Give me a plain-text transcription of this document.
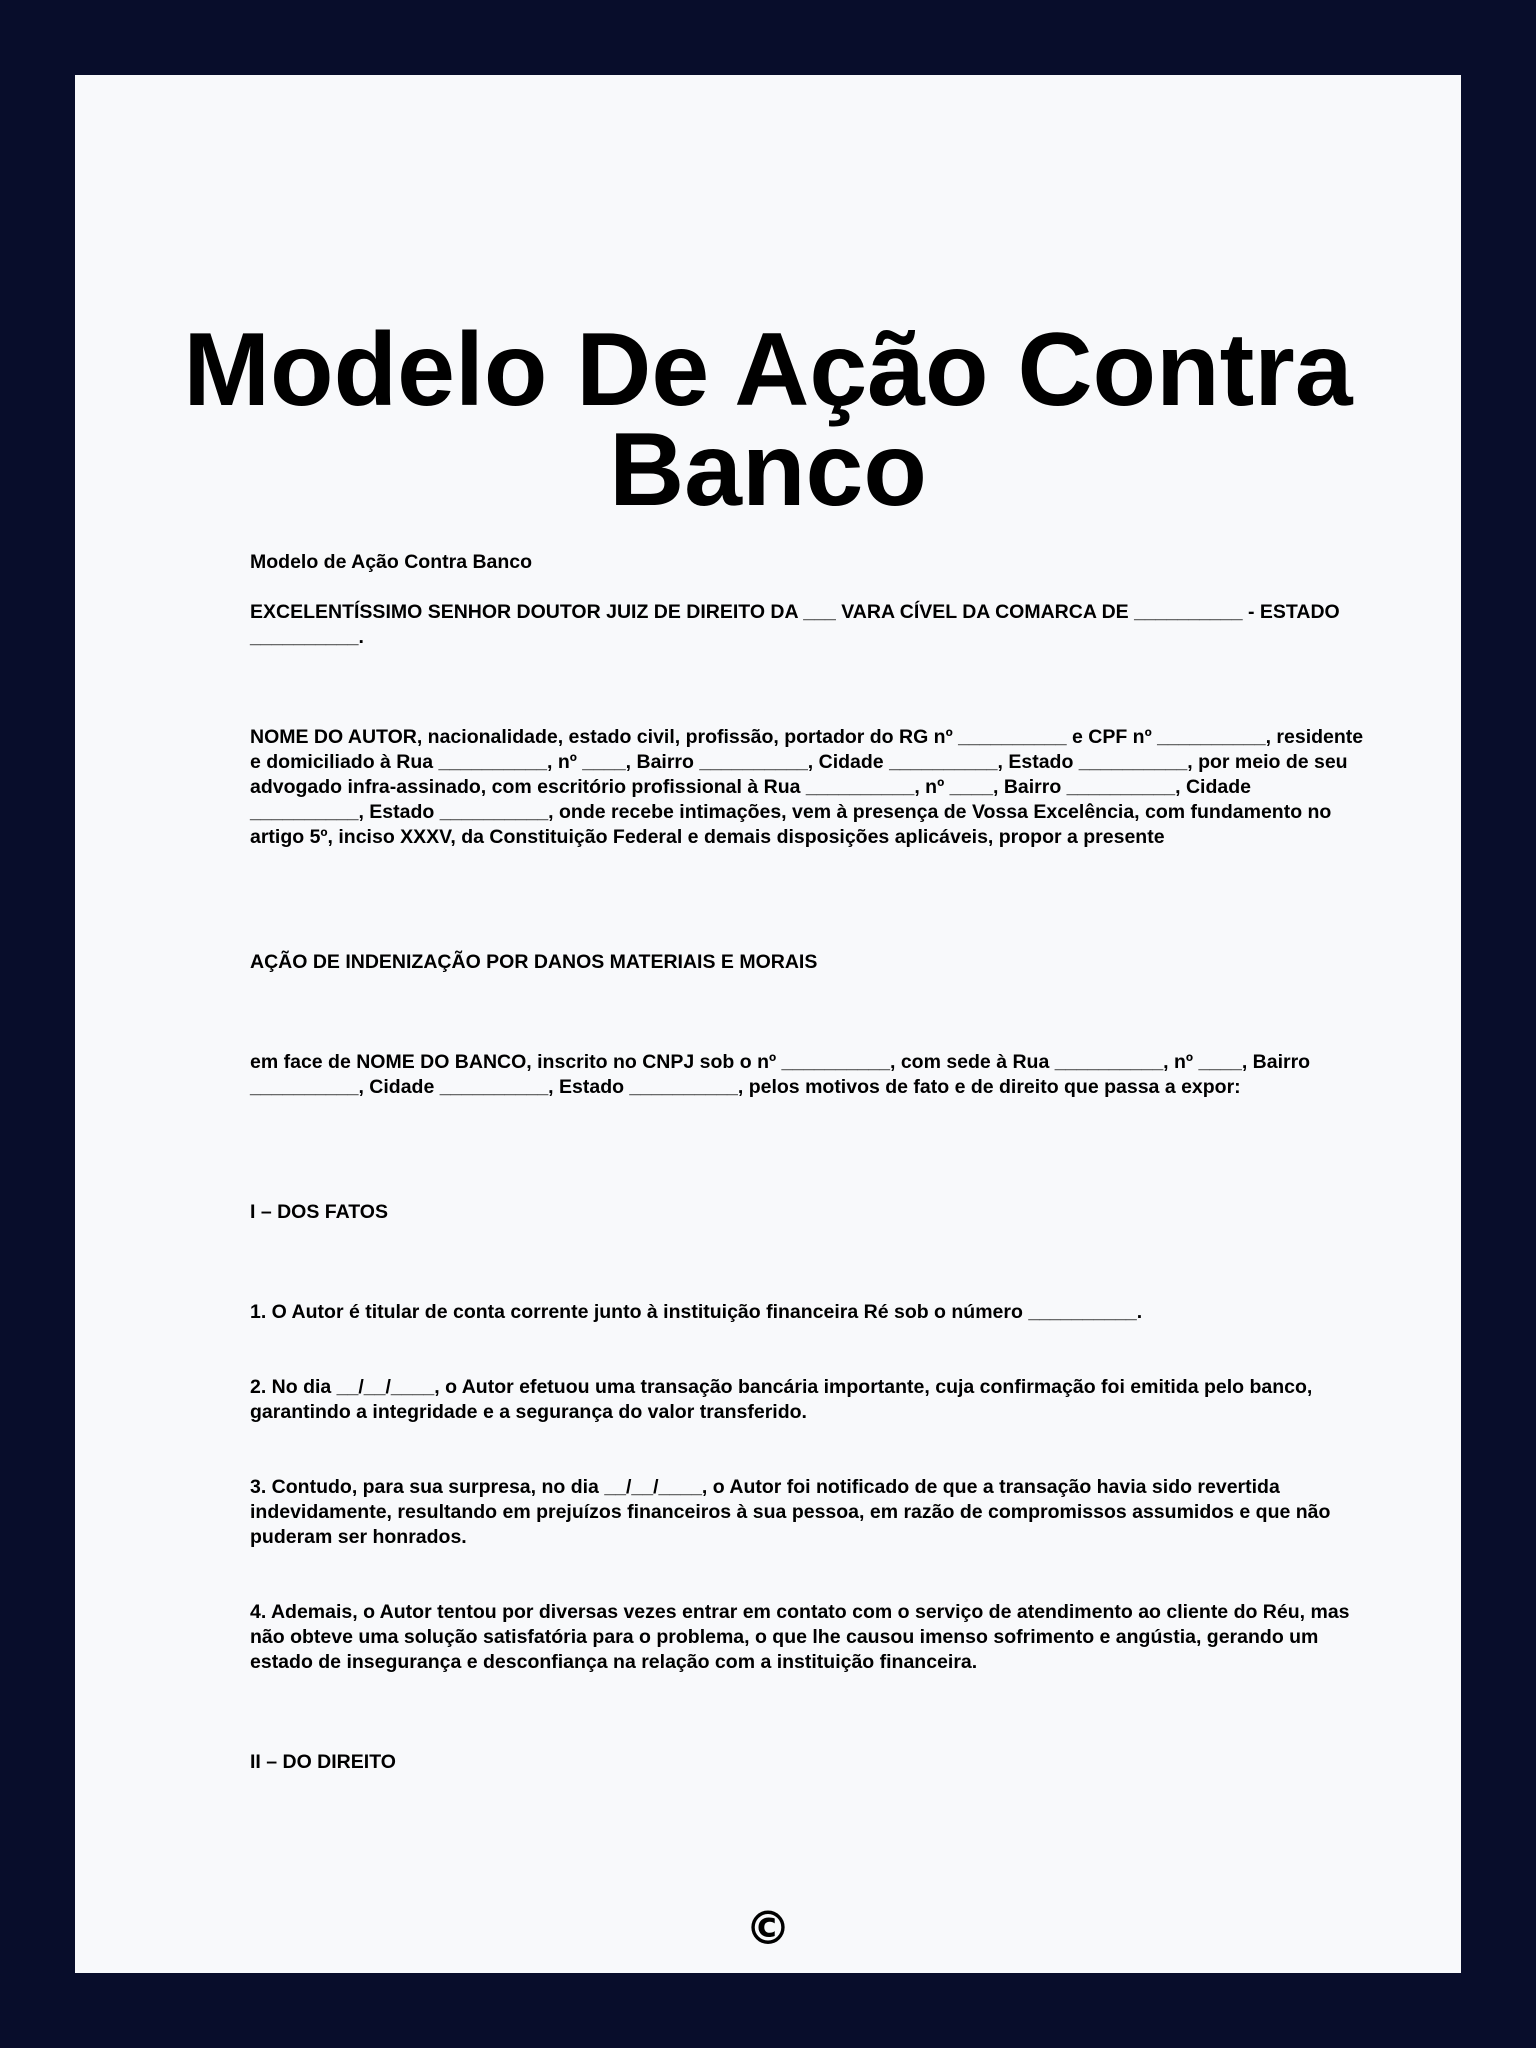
Modelo De Ação Contra Banco

Modelo de Ação Contra Banco

EXCELENTÍSSIMO SENHOR DOUTOR JUIZ DE DIREITO DA ___ VARA CÍVEL DA COMARCA DE __________ - ESTADO __________.

NOME DO AUTOR, nacionalidade, estado civil, profissão, portador do RG nº __________ e CPF nº __________, residente e domiciliado à Rua __________, nº ____, Bairro __________, Cidade __________, Estado __________, por meio de seu advogado infra-assinado, com escritório profissional à Rua __________, nº ____, Bairro __________, Cidade __________, Estado __________, onde recebe intimações, vem à presença de Vossa Excelência, com fundamento no artigo 5º, inciso XXXV, da Constituição Federal e demais disposições aplicáveis, propor a presente

AÇÃO DE INDENIZAÇÃO POR DANOS MATERIAIS E MORAIS

em face de NOME DO BANCO, inscrito no CNPJ sob o nº __________, com sede à Rua __________, nº ____, Bairro __________, Cidade __________, Estado __________, pelos motivos de fato e de direito que passa a expor:

I – DOS FATOS

1. O Autor é titular de conta corrente junto à instituição financeira Ré sob o número __________.

2. No dia __/__/____, o Autor efetuou uma transação bancária importante, cuja confirmação foi emitida pelo banco, garantindo a integridade e a segurança do valor transferido.

3. Contudo, para sua surpresa, no dia __/__/____, o Autor foi notificado de que a transação havia sido revertida indevidamente, resultando em prejuízos financeiros à sua pessoa, em razão de compromissos assumidos e que não puderam ser honrados.

4. Ademais, o Autor tentou por diversas vezes entrar em contato com o serviço de atendimento ao cliente do Réu, mas não obteve uma solução satisfatória para o problema, o que lhe causou imenso sofrimento e angústia, gerando um estado de insegurança e desconfiança na relação com a instituição financeira.

II – DO DIREITO

©
